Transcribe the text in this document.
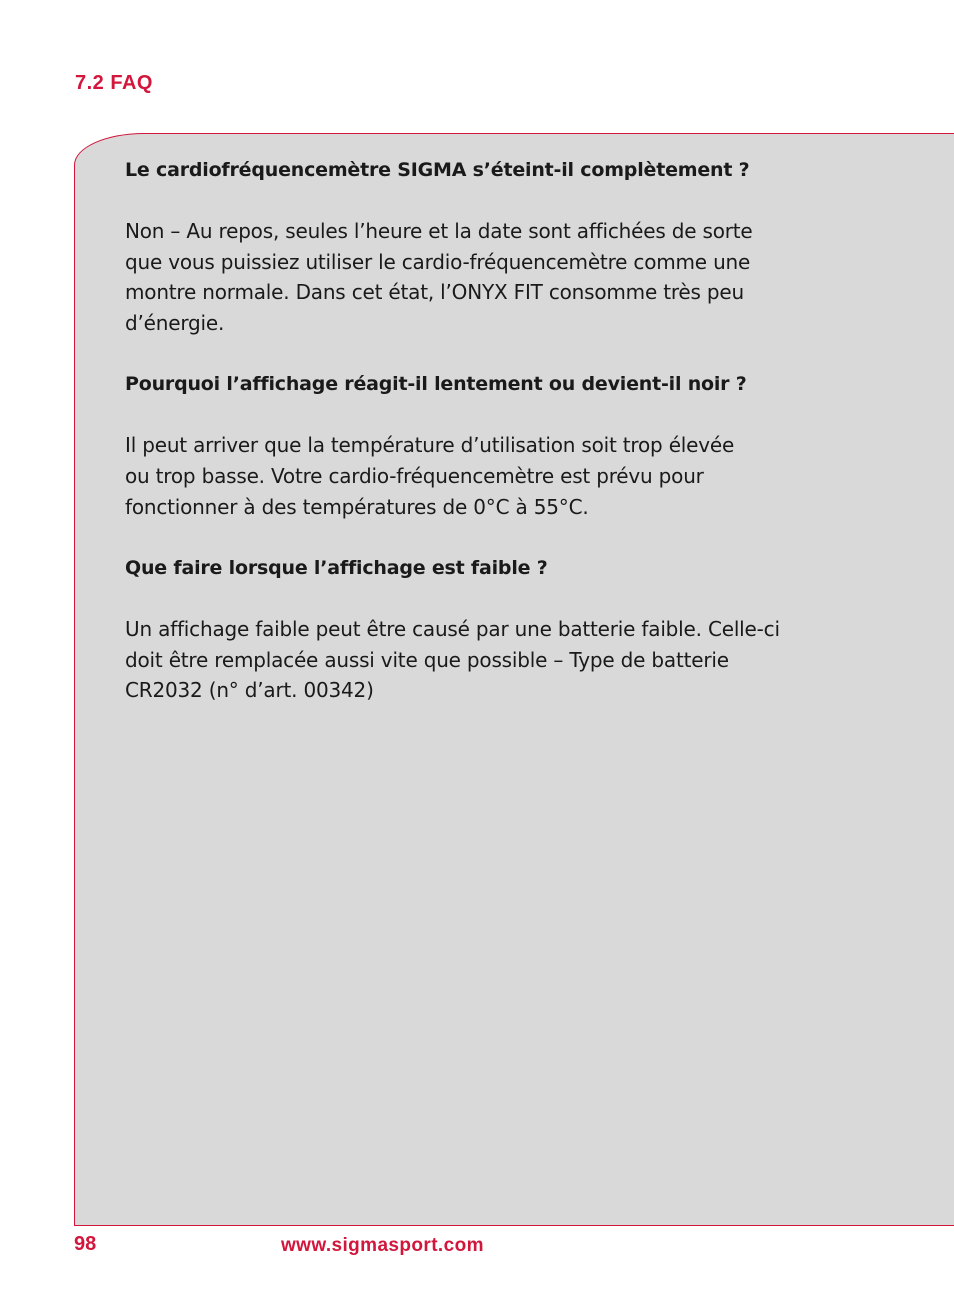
7.2 FAQ

Le cardiofréquencemètre SIGMA s’éteint-il complètement ?

Non – Au repos, seules l’heure et la date sont affichées de sorte
que vous puissiez utiliser le cardio-fréquencemètre comme une
montre normale. Dans cet état, l’ONYX FIT consomme très peu
d’énergie.

Pourquoi l’affichage réagit-il lentement ou devient-il noir ?

Il peut arriver que la température d’utilisation soit trop élevée
ou trop basse. Votre cardio-fréquencemètre est prévu pour
fonctionner à des températures de 0°C à 55°C.

Que faire lorsque l’affichage est faible ?

Un affichage faible peut être causé par une batterie faible. Celle-ci
doit être remplacée aussi vite que possible – Type de batterie
CR2032 (n° d’art. 00342)

98	www.sigmasport.com
